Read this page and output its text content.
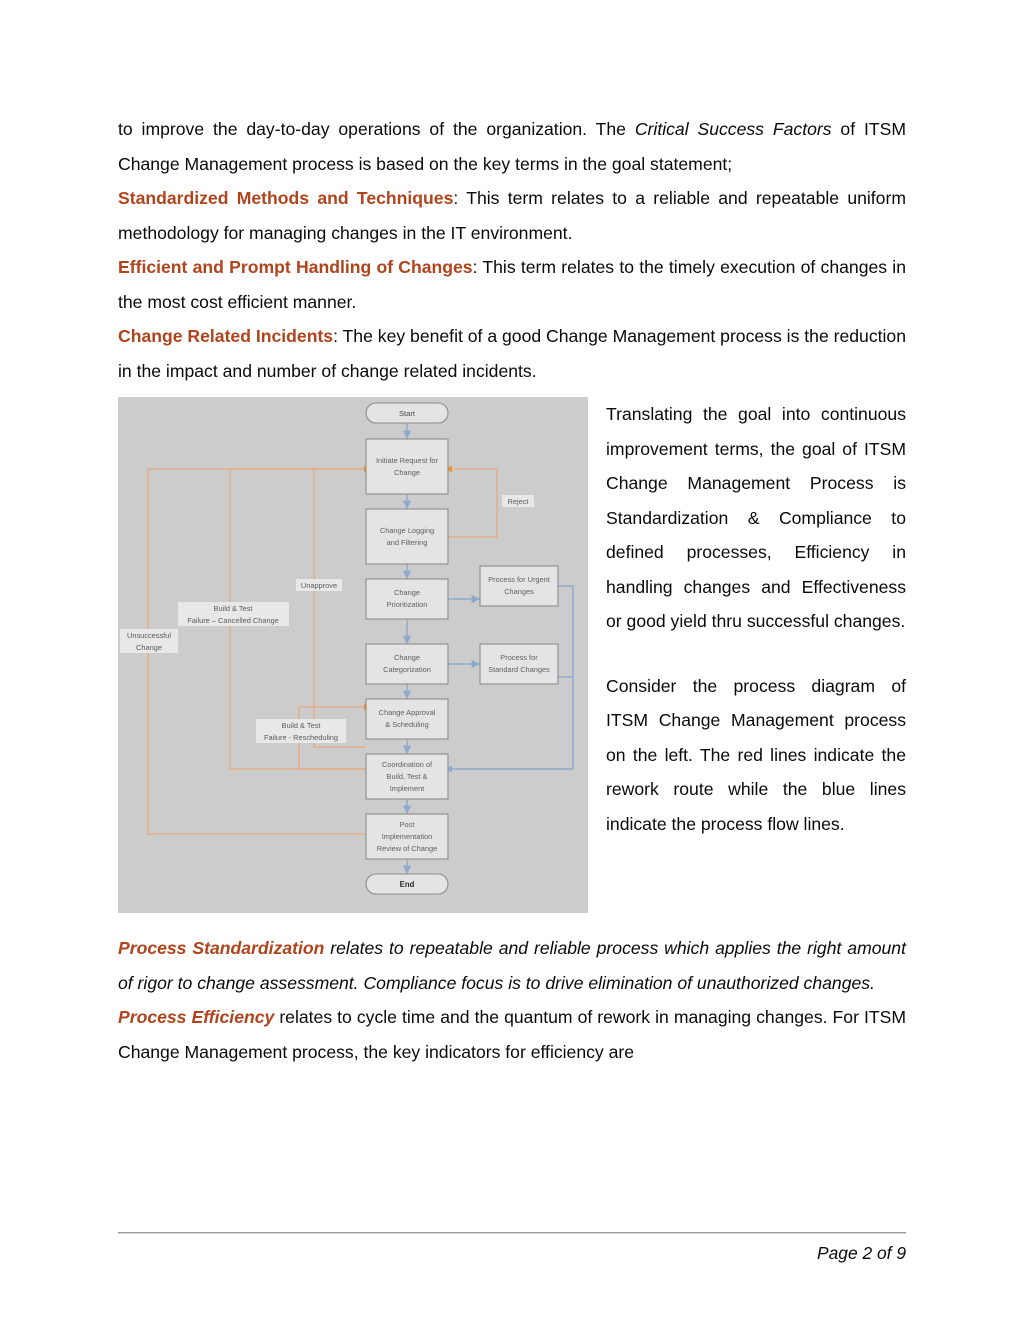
to improve the day-to-day operations of the organization. The Critical Success Factors of ITSM Change Management process is based on the key terms in the goal statement;

Standardized Methods and Techniques: This term relates to a reliable and repeatable uniform methodology for managing changes in the IT environment.

Efficient and Prompt Handling of Changes: This term relates to the timely execution of changes in the most cost efficient manner.

Change Related Incidents: The key benefit of a good Change Management process is the reduction in the impact and number of change related incidents.

Start
Initiate Request for
Change
Change Logging
and Filtering
Change
Prioritization
Change
Categorization
Change Approval
& Scheduling
Coordination of
Build, Test &
Implement
Post
Implementation
Review of Change
End
Process for Urgent
Changes
Process for
Standard Changes
Reject
Unapprove
Build & Test
Failure – Cancelled Change
Unsuccessful
Change
Build & Test
Failure - Rescheduling

Translating the goal into continuous improvement terms, the goal of ITSM Change Management Process is Standardization & Compliance to defined processes, Efficiency in handling changes and Effectiveness or good yield thru successful changes.

Consider the process diagram of ITSM Change Management process on the left. The red lines indicate the rework route while the blue lines indicate the process flow lines.

Process Standardization relates to repeatable and reliable process which applies the right amount of rigor to change assessment. Compliance focus is to drive elimination of unauthorized changes.

Process Efficiency relates to cycle time and the quantum of rework in managing changes. For ITSM Change Management process, the key indicators for efficiency are

Page 2 of 9
